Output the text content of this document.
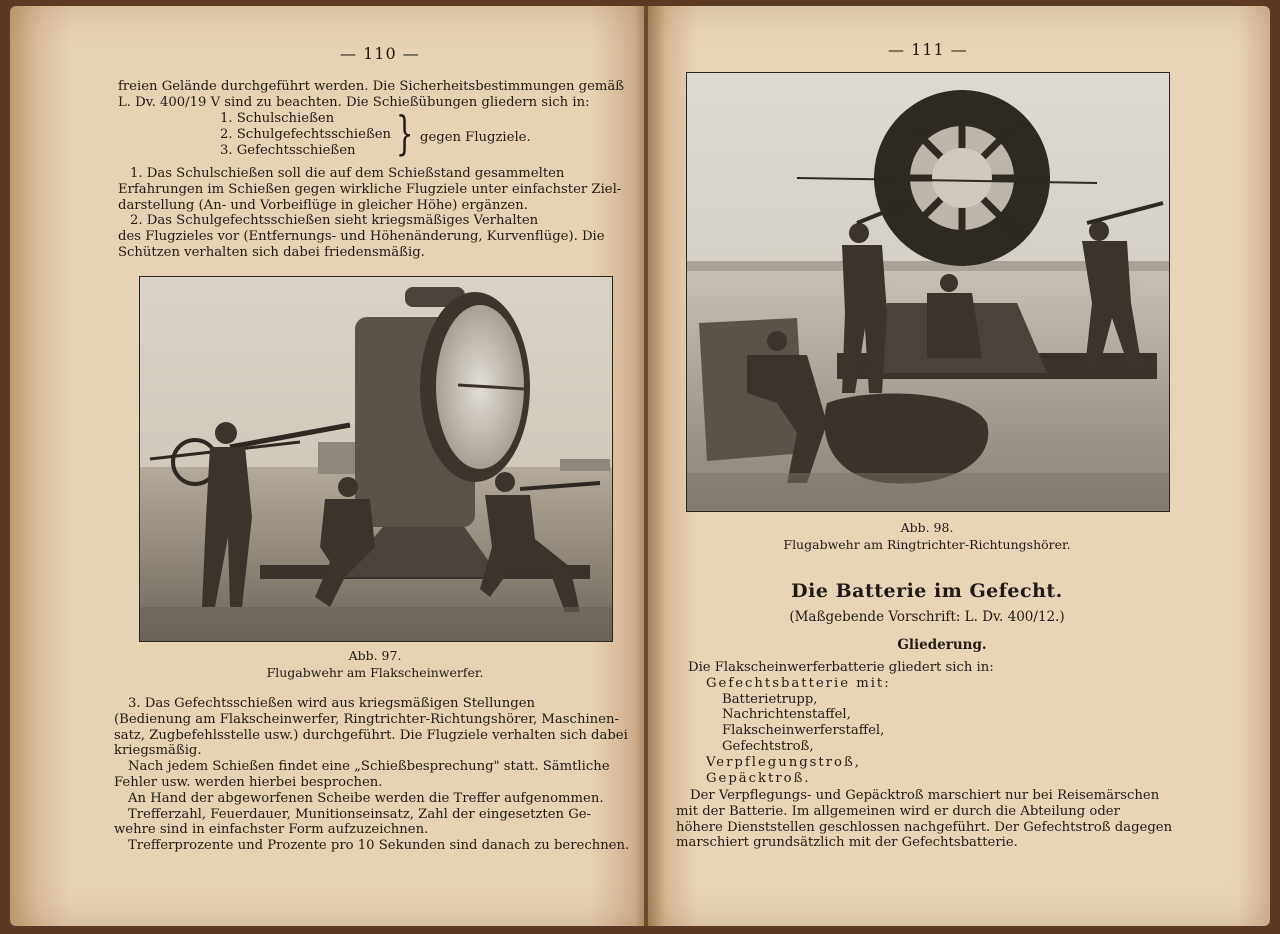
— 110 —
freien Gelände durchgeführt werden. Die Sicherheitsbestimmungen gemäß
L. Dv. 400/19 V sind zu beachten. Die Schießübungen gliedern sich in:
1. Schulschießen
2. Schulgefechtsschießen
3. Gefechtsschießen } gegen Flugziele.
1. Das Schulschießen soll die auf dem Schießstand gesammelten
Erfahrungen im Schießen gegen wirkliche Flugziele unter einfachster Ziel-
darstellung (An- und Vorbeiflüge in gleicher Höhe) ergänzen.
2. Das Schulgefechtsschießen sieht kriegsmäßiges Verhalten
des Flugzieles vor (Entfernungs- und Höhenänderung, Kurvenflüge). Die
Schützen verhalten sich dabei friedensmäßig.
Abb. 97.
Flugabwehr am Flakscheinwerfer.
3. Das Gefechtsschießen wird aus kriegsmäßigen Stellungen
(Bedienung am Flakscheinwerfer, Ringtrichter-Richtungshörer, Maschinen-
satz, Zugbefehlsstelle usw.) durchgeführt. Die Flugziele verhalten sich dabei
kriegsmäßig.
Nach jedem Schießen findet eine „Schießbesprechung" statt. Sämtliche
Fehler usw. werden hierbei besprochen.
An Hand der abgeworfenen Scheibe werden die Treffer aufgenommen.
Trefferzahl, Feuerdauer, Munitionseinsatz, Zahl der eingesetzten Ge-
wehre sind in einfachster Form aufzuzeichnen.
Trefferprozente und Prozente pro 10 Sekunden sind danach zu berechnen.
— 111 —
Abb. 98.
Flugabwehr am Ringtrichter-Richtungshörer.
Die Batterie im Gefecht.
(Maßgebende Vorschrift: L. Dv. 400/12.)
Gliederung.
Die Flakscheinwerferbatterie gliedert sich in:
Gefechtsbatterie mit:
Batterietrupp,
Nachrichtenstaffel,
Flakscheinwerferstaffel,
Gefechtstroß,
Verpflegungstroß,
Gepäcktroß.
Der Verpflegungs- und Gepäcktroß marschiert nur bei Reisemärschen
mit der Batterie. Im allgemeinen wird er durch die Abteilung oder
höhere Dienststellen geschlossen nachgeführt. Der Gefechtstroß dagegen
marschiert grundsätzlich mit der Gefechtsbatterie.
